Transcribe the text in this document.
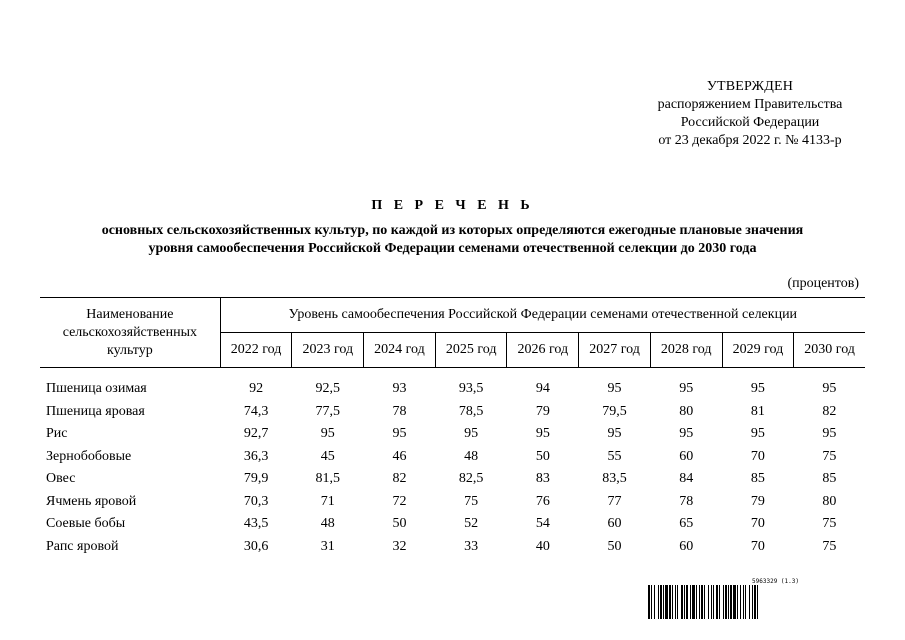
УТВЕРЖДЕН
распоряжением Правительства
Российской Федерации
от 23 декабря 2022 г. № 4133-р
П Е Р Е Ч Е Н Ь
основных сельскохозяйственных культур, по каждой из которых определяются ежегодные плановые значения
уровня самообеспечения Российской Федерации семенами отечественной селекции до 2030 года
(процентов)
Наименование сельскохозяйственных культур	Уровень самообеспечения Российской Федерации семенами отечественной селекции								
	2022 год	2023 год	2024 год	2025 год	2026 год	2027 год	2028 год	2029 год	2030 год
Пшеница озимая	92	92,5	93	93,5	94	95	95	95	95
Пшеница яровая	74,3	77,5	78	78,5	79	79,5	80	81	82
Рис	92,7	95	95	95	95	95	95	95	95
Зернобобовые	36,3	45	46	48	50	55	60	70	75
Овес	79,9	81,5	82	82,5	83	83,5	84	85	85
Ячмень яровой	70,3	71	72	75	76	77	78	79	80
Соевые бобы	43,5	48	50	52	54	60	65	70	75
Рапс яровой	30,6	31	32	33	40	50	60	70	75
5963329 (1.3)
